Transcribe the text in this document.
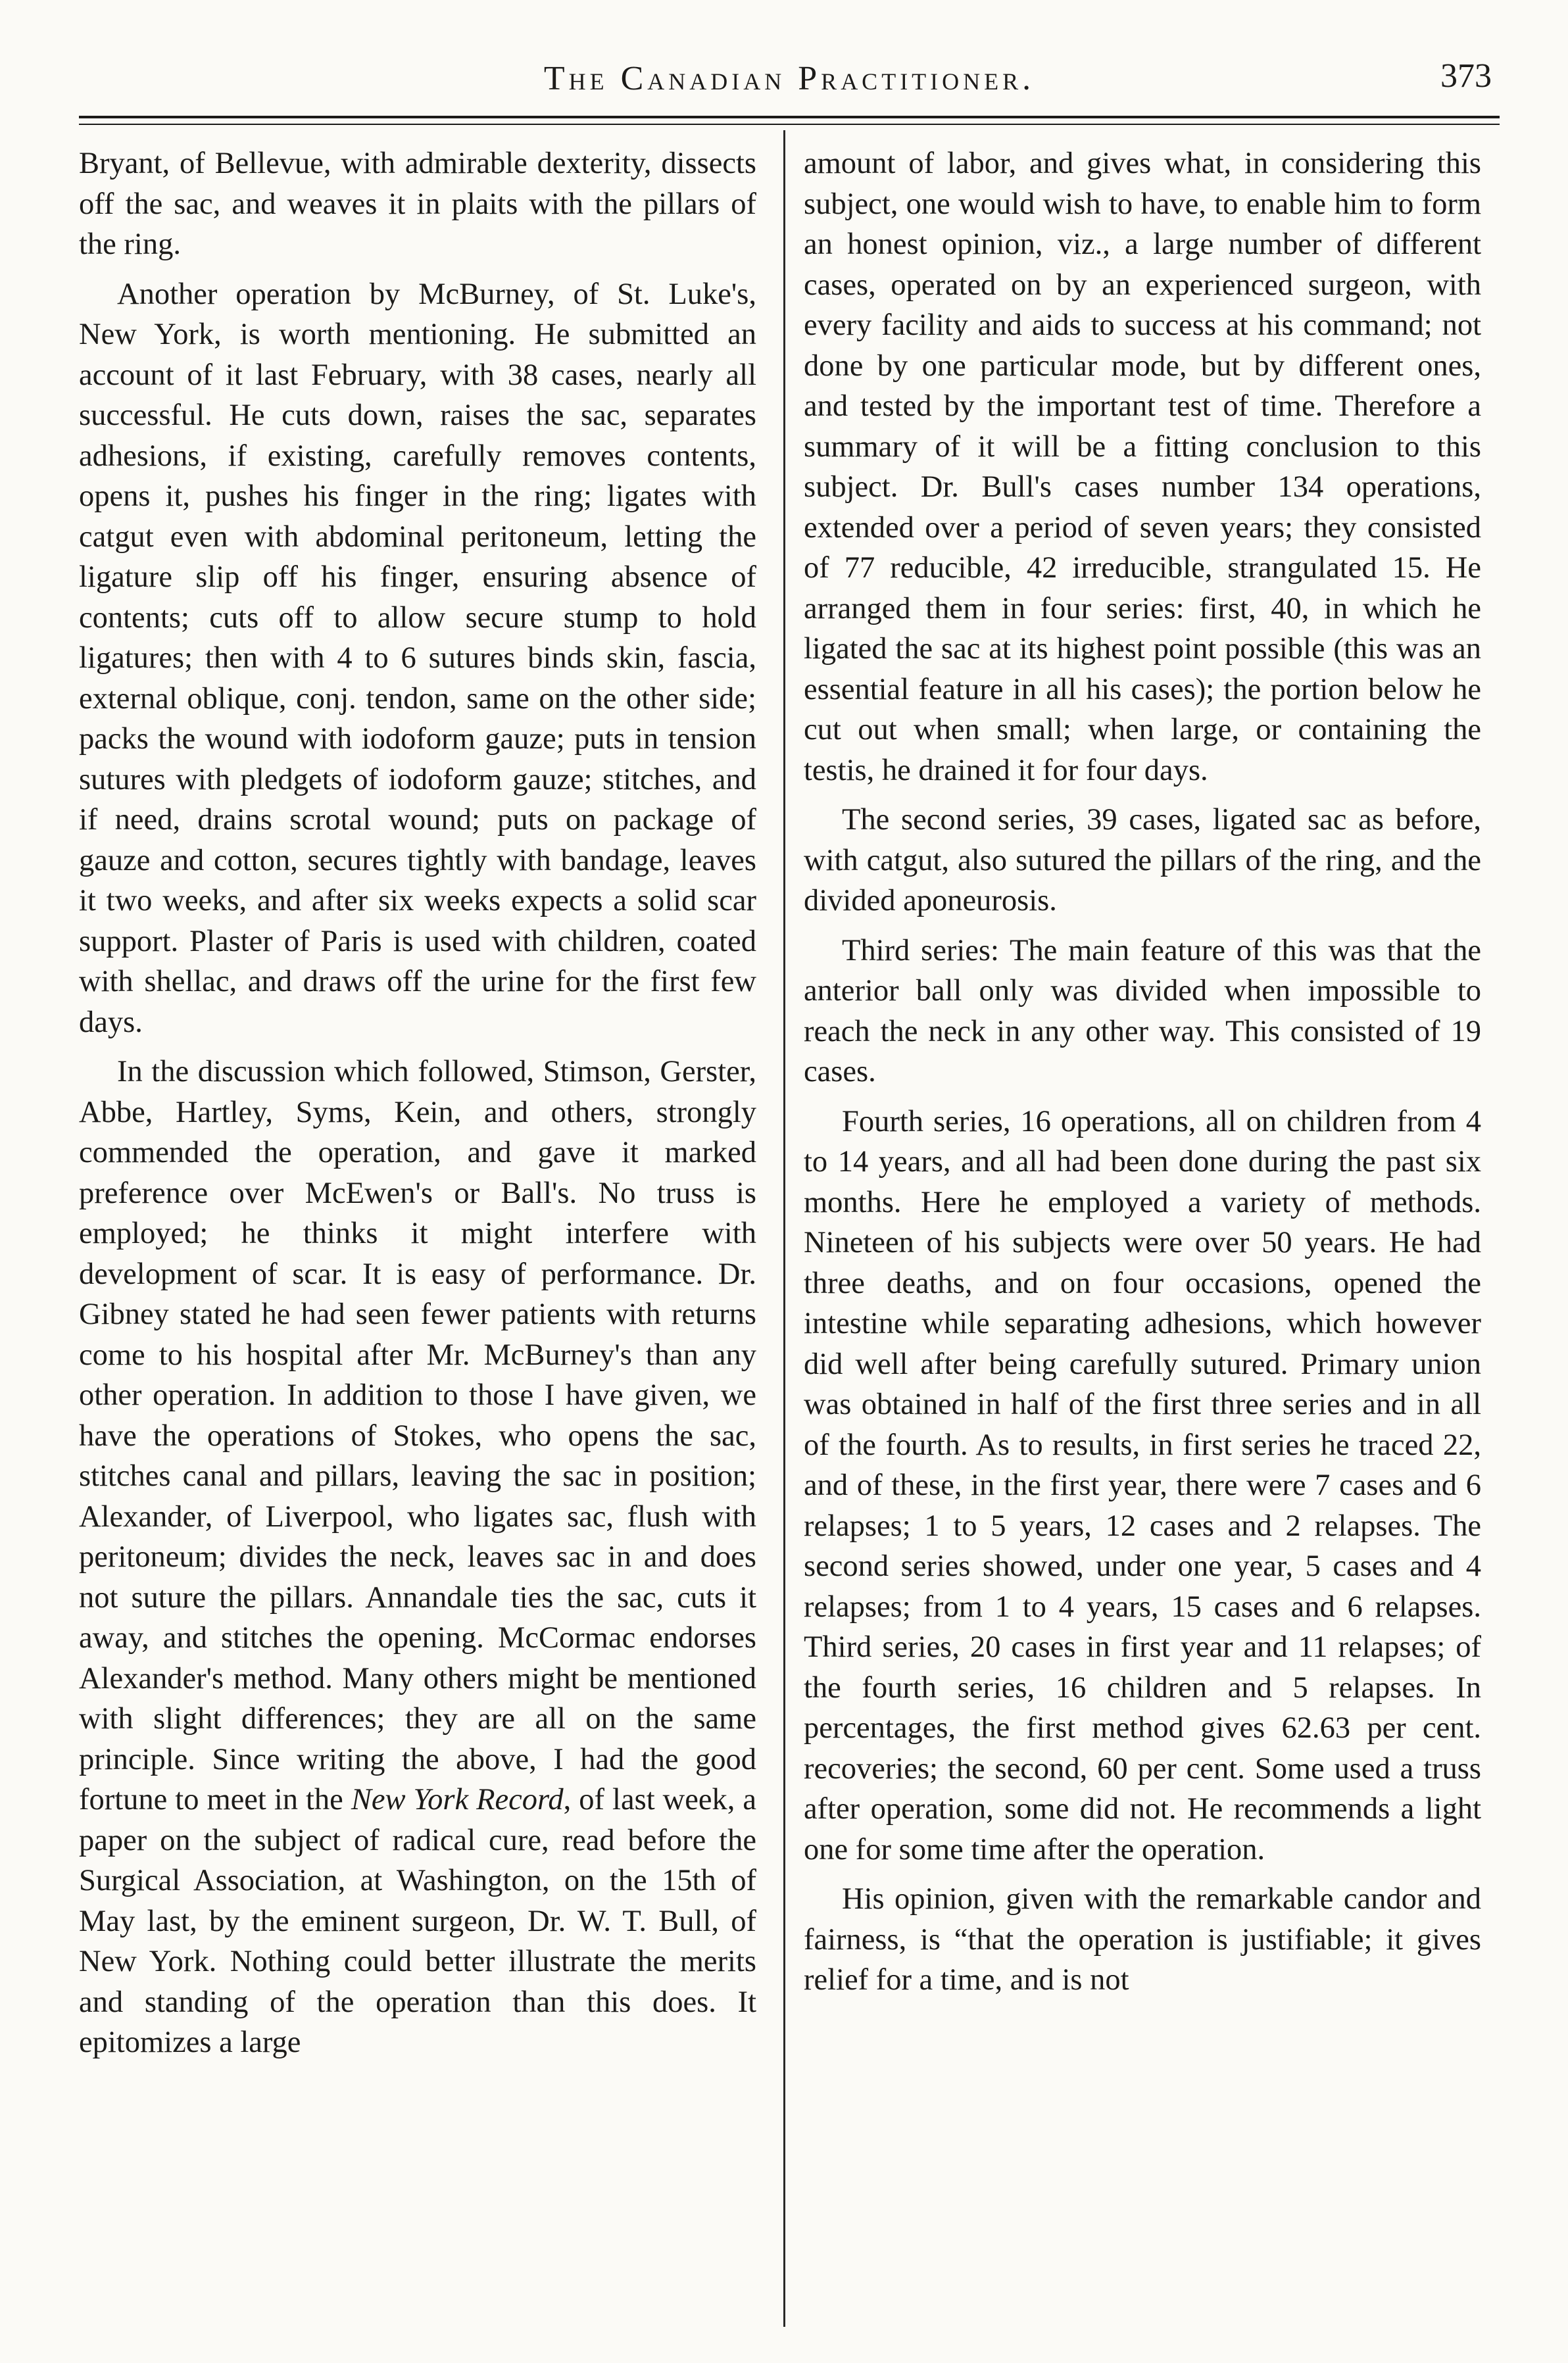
The Canadian Practitioner.	373

Bryant, of Bellevue, with admirable dexterity, dissects off the sac, and weaves it in plaits with the pillars of the ring.

Another operation by McBurney, of St. Luke's, New York, is worth mentioning. He submitted an account of it last February, with 38 cases, nearly all successful. He cuts down, raises the sac, separates adhesions, if existing, carefully removes contents, opens it, pushes his finger in the ring; ligates with catgut even with abdominal peritoneum, letting the ligature slip off his finger, ensuring absence of contents; cuts off to allow secure stump to hold ligatures; then with 4 to 6 sutures binds skin, fascia, external oblique, conj. tendon, same on the other side; packs the wound with iodoform gauze; puts in tension sutures with pledgets of iodoform gauze; stitches, and if need, drains scrotal wound; puts on package of gauze and cotton, secures tightly with bandage, leaves it two weeks, and after six weeks expects a solid scar support. Plaster of Paris is used with children, coated with shellac, and draws off the urine for the first few days.

In the discussion which followed, Stimson, Gerster, Abbe, Hartley, Syms, Kein, and others, strongly commended the operation, and gave it marked preference over McEwen's or Ball's. No truss is employed; he thinks it might interfere with development of scar. It is easy of performance. Dr. Gibney stated he had seen fewer patients with returns come to his hospital after Mr. McBurney's than any other operation. In addition to those I have given, we have the operations of Stokes, who opens the sac, stitches canal and pillars, leaving the sac in position; Alexander, of Liverpool, who ligates sac, flush with peritoneum; divides the neck, leaves sac in and does not suture the pillars. Annandale ties the sac, cuts it away, and stitches the opening. McCormac endorses Alexander's method. Many others might be mentioned with slight differences; they are all on the same principle. Since writing the above, I had the good fortune to meet in the New York Record, of last week, a paper on the subject of radical cure, read before the Surgical Association, at Washington, on the 15th of May last, by the eminent surgeon, Dr. W. T. Bull, of New York. Nothing could better illustrate the merits and standing of the operation than this does. It epitomizes a large

amount of labor, and gives what, in considering this subject, one would wish to have, to enable him to form an honest opinion, viz., a large number of different cases, operated on by an experienced surgeon, with every facility and aids to success at his command; not done by one particular mode, but by different ones, and tested by the important test of time. Therefore a summary of it will be a fitting conclusion to this subject. Dr. Bull's cases number 134 operations, extended over a period of seven years; they consisted of 77 reducible, 42 irreducible, strangulated 15. He arranged them in four series: first, 40, in which he ligated the sac at its highest point possible (this was an essential feature in all his cases); the portion below he cut out when small; when large, or containing the testis, he drained it for four days.

The second series, 39 cases, ligated sac as before, with catgut, also sutured the pillars of the ring, and the divided aponeurosis.

Third series: The main feature of this was that the anterior ball only was divided when impossible to reach the neck in any other way. This consisted of 19 cases.

Fourth series, 16 operations, all on children from 4 to 14 years, and all had been done during the past six months. Here he employed a variety of methods. Nineteen of his subjects were over 50 years. He had three deaths, and on four occasions, opened the intestine while separating adhesions, which however did well after being carefully sutured. Primary union was obtained in half of the first three series and in all of the fourth. As to results, in first series he traced 22, and of these, in the first year, there were 7 cases and 6 relapses; 1 to 5 years, 12 cases and 2 relapses. The second series showed, under one year, 5 cases and 4 relapses; from 1 to 4 years, 15 cases and 6 relapses. Third series, 20 cases in first year and 11 relapses; of the fourth series, 16 children and 5 relapses. In percentages, the first method gives 62.63 per cent. recoveries; the second, 60 per cent. Some used a truss after operation, some did not. He recommends a light one for some time after the operation.

His opinion, given with the remarkable candor and fairness, is “that the operation is justifiable; it gives relief for a time, and is not
